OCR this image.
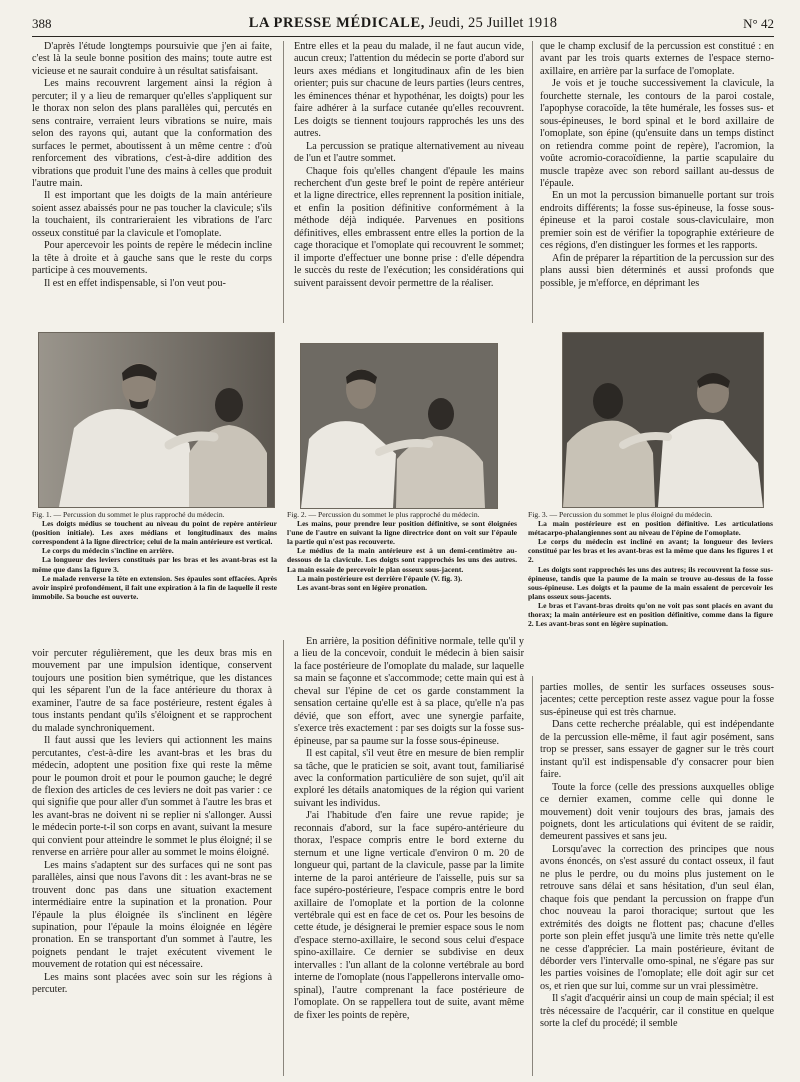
388	LA PRESSE MÉDICALE, Jeudi, 25 Juillet 1918	N° 42

D'après l'étude longtemps poursuivie que j'en ai faite, c'est là la seule bonne position des mains; toute autre est vicieuse et ne saurait conduire à un résultat satisfaisant.

Les mains recouvrent largement ainsi la région à percuter; il y a lieu de remarquer qu'elles s'appliquent sur le thorax non selon des plans parallèles qui, percutés en sens contraire, verraient leurs vibrations se nuire, mais selon des rayons qui, autant que la conformation des surfaces le permet, aboutissent à un même centre : d'où renforcement des vibrations, c'est-à-dire addition des vibrations que produit l'une des mains à celles que produit l'autre main.

Il est important que les doigts de la main antérieure soient assez abaissés pour ne pas toucher la clavicule; s'ils la touchaient, ils contrarieraient les vibrations de l'arc osseux constitué par la clavicule et l'omoplate.

Pour apercevoir les points de repère le médecin incline la tête à droite et à gauche sans que le reste du corps participe à ces mouvements.

Il est en effet indispensable, si l'on veut pou-

Entre elles et la peau du malade, il ne faut aucun vide, aucun creux; l'attention du médecin se porte d'abord sur leurs axes médians et longitudinaux afin de les bien orienter; puis sur chacune de leurs parties (leurs centres, les éminences thénar et hypothénar, les doigts) pour les faire adhérer à la surface cutanée qu'elles recouvrent. Les doigts se tiennent toujours rapprochés les uns des autres.

La percussion se pratique alternativement au niveau de l'un et l'autre sommet.

Chaque fois qu'elles changent d'épaule les mains recherchent d'un geste bref le point de repère antérieur et la ligne directrice, elles reprennent la position initiale, et enfin la position définitive conformément à la méthode déjà indiquée. Parvenues en positions définitives, elles embrassent entre elles la portion de la cage thoracique et l'omoplate qui recouvrent le sommet; il importe d'effectuer une bonne prise : d'elle dépendra le succès du reste de l'exécution; les considérations qui suivent paraissent devoir permettre de la réaliser.

que le champ exclusif de la percussion est constitué : en avant par les trois quarts externes de l'espace sterno-axillaire, en arrière par la surface de l'omoplate.

Je vois et je touche successivement la clavicule, la fourchette sternale, les contours de la paroi costale, l'apophyse coracoïde, la tête humérale, les fosses sus- et sous-épineuses, le bord spinal et le bord axillaire de l'omoplate, son épine (qu'ensuite dans un temps distinct on retiendra comme point de repère), l'acromion, la voûte acromio-coracoïdienne, la partie scapulaire du muscle trapèze avec son rebord saillant au-dessus de l'épaule.

En un mot la percussion bimanuelle portant sur trois endroits différents; la fosse sus-épineuse, la fosse sous-épineuse et la paroi costale sous-claviculaire, mon premier soin est de vérifier la topographie extérieure de ces régions, d'en distinguer les formes et les rapports.

Afin de préparer la répartition de la percussion sur des plans aussi bien déterminés et aussi profonds que possible, je m'efforce, en déprimant les

Fig. 1. — Percussion du sommet le plus rapproché du médecin.

Les doigts médius se touchent au niveau du point de repère antérieur (position initiale). Les axes médians et longitudinaux des mains correspondent à la ligne directrice; celui de la main antérieure est vertical.
Le corps du médecin s'incline en arrière.
La longueur des leviers constitués par les bras et les avant-bras est la même que dans la figure 3.
Le malade renverse la tête en extension. Ses épaules sont effacées. Après avoir inspiré profondément, il fait une expiration à la fin de laquelle il reste immobile. Sa bouche est ouverte.

Fig. 2. — Percussion du sommet le plus rapproché du médecin.

Les mains, pour prendre leur position définitive, se sont éloignées l'une de l'autre en suivant la ligne directrice dont on voit sur l'épaule la partie qui n'est pas recouverte.
Le médius de la main antérieure est à un demi-centimètre au-dessous de la clavicule. Les doigts sont rapprochés les uns des autres. La main essaie de percevoir le plan osseux sous-jacent.
La main postérieure est derrière l'épaule (V. fig. 3).
Les avant-bras sont en légère pronation.

Fig. 3. — Percussion du sommet le plus éloigné du médecin.

La main postérieure est en position définitive. Les articulations métacarpo-phalangiennes sont au niveau de l'épine de l'omoplate.
Le corps du médecin est incliné en avant; la longueur des leviers constitué par les bras et les avant-bras est la même que dans les figures 1 et 2.
Les doigts sont rapprochés les uns des autres; ils recouvrent la fosse sus-épineuse, tandis que la paume de la main se trouve au-dessus de la fosse sous-épineuse. Les doigts et la paume de la main essaient de percevoir les plans osseux sous-jacents.
Le bras et l'avant-bras droits qu'on ne voit pas sont placés en avant du thorax; la main antérieure est en position définitive, comme dans la figure 2. Les avant-bras sont en légère supination.

voir percuter régulièrement, que les deux bras mis en mouvement par une impulsion identique, conservent toujours une position bien symétrique, que les distances qui les séparent l'un de la face antérieure du thorax à examiner, l'autre de sa face postérieure, restent égales à tous instants pendant qu'ils s'éloignent et se rapprochent du malade synchroniquement.

Il faut aussi que les leviers qui actionnent les mains percutantes, c'est-à-dire les avant-bras et les bras du médecin, adoptent une position fixe qui reste la même pour le poumon droit et pour le poumon gauche; le degré de flexion des articles de ces leviers ne doit pas varier : ce qui signifie que pour aller d'un sommet à l'autre les bras et les avant-bras ne doivent ni se replier ni s'allonger. Aussi le médecin porte-t-il son corps en avant, suivant la mesure qui convient pour atteindre le sommet le plus éloigné; il se renverse en arrière pour aller au sommet le moins éloigné.

Les mains s'adaptent sur des surfaces qui ne sont pas parallèles, ainsi que nous l'avons dit : les avant-bras ne se trouvent donc pas dans une situation exactement intermédiaire entre la supination et la pronation. Pour l'épaule la plus éloignée ils s'inclinent en légère supination, pour l'épaule la moins éloignée en légère pronation. En se transportant d'un sommet à l'autre, les poignets pendant le trajet exécutent vivement le mouvement de rotation qui est nécessaire.

Les mains sont placées avec soin sur les régions à percuter.

En arrière, la position définitive normale, telle qu'il y a lieu de la concevoir, conduit le médecin à bien saisir la face postérieure de l'omoplate du malade, sur laquelle sa main se façonne et s'accommode; cette main qui est à cheval sur l'épine de cet os garde constamment la sensation certaine qu'elle est à sa place, qu'elle n'a pas dévié, que son effort, avec une synergie parfaite, s'exerce très exactement : par ses doigts sur la fosse sus-épineuse, par sa paume sur la fosse sous-épineuse.

Il est capital, s'il veut être en mesure de bien remplir sa tâche, que le praticien se soit, avant tout, familiarisé avec la conformation particulière de son sujet, qu'il ait exploré les détails anatomiques de la région qui varient suivant les individus.

J'ai l'habitude d'en faire une revue rapide; je reconnais d'abord, sur la face supéro-antérieure du thorax, l'espace compris entre le bord externe du sternum et une ligne verticale d'environ 0 m. 20 de longueur qui, partant de la clavicule, passe par la limite interne de la paroi antérieure de l'aisselle, puis sur sa face supéro-postérieure, l'espace compris entre le bord axillaire de l'omoplate et la portion de la colonne vertébrale qui est en face de cet os. Pour les besoins de cette étude, je désignerai le premier espace sous le nom d'espace sterno-axillaire, le second sous celui d'espace spino-axillaire. Ce dernier se subdivise en deux intervalles : l'un allant de la colonne vertébrale au bord interne de l'omoplate (nous l'appellerons intervalle omo-spinal), l'autre comprenant la face postérieure de l'omoplate. On se rappellera tout de suite, avant même de fixer les points de repère,

parties molles, de sentir les surfaces osseuses sous-jacentes; cette perception reste assez vague pour la fosse sus-épineuse qui est très charnue.

Dans cette recherche préalable, qui est indépendante de la percussion elle-même, il faut agir posément, sans trop se presser, sans essayer de gagner sur le très court instant qu'il est indispensable d'y consacrer pour bien faire.

Toute la force (celle des pressions auxquelles oblige ce dernier examen, comme celle qui donne le mouvement) doit venir toujours des bras, jamais des poignets, dont les articulations qui évitent de se raidir, demeurent passives et sans jeu.

Lorsqu'avec la correction des principes que nous avons énoncés, on s'est assuré du contact osseux, il faut ne plus le perdre, ou du moins plus justement on le retrouve sans délai et sans hésitation, d'un seul élan, chaque fois que pendant la percussion on frappe d'un choc nouveau la paroi thoracique; surtout que les extrémités des doigts ne flottent pas; chacune d'elles porte son plein effet jusqu'à une limite très nette qu'elle ne cesse d'apprécier. La main postérieure, évitant de déborder vers l'intervalle omo-spinal, ne s'égare pas sur les parties voisines de l'omoplate; elle doit agir sur cet os, et rien que sur lui, comme sur un vrai plessimètre.

Il s'agit d'acquérir ainsi un coup de main spécial; il est très nécessaire de l'acquérir, car il constitue en quelque sorte la clef du procédé; il semble
